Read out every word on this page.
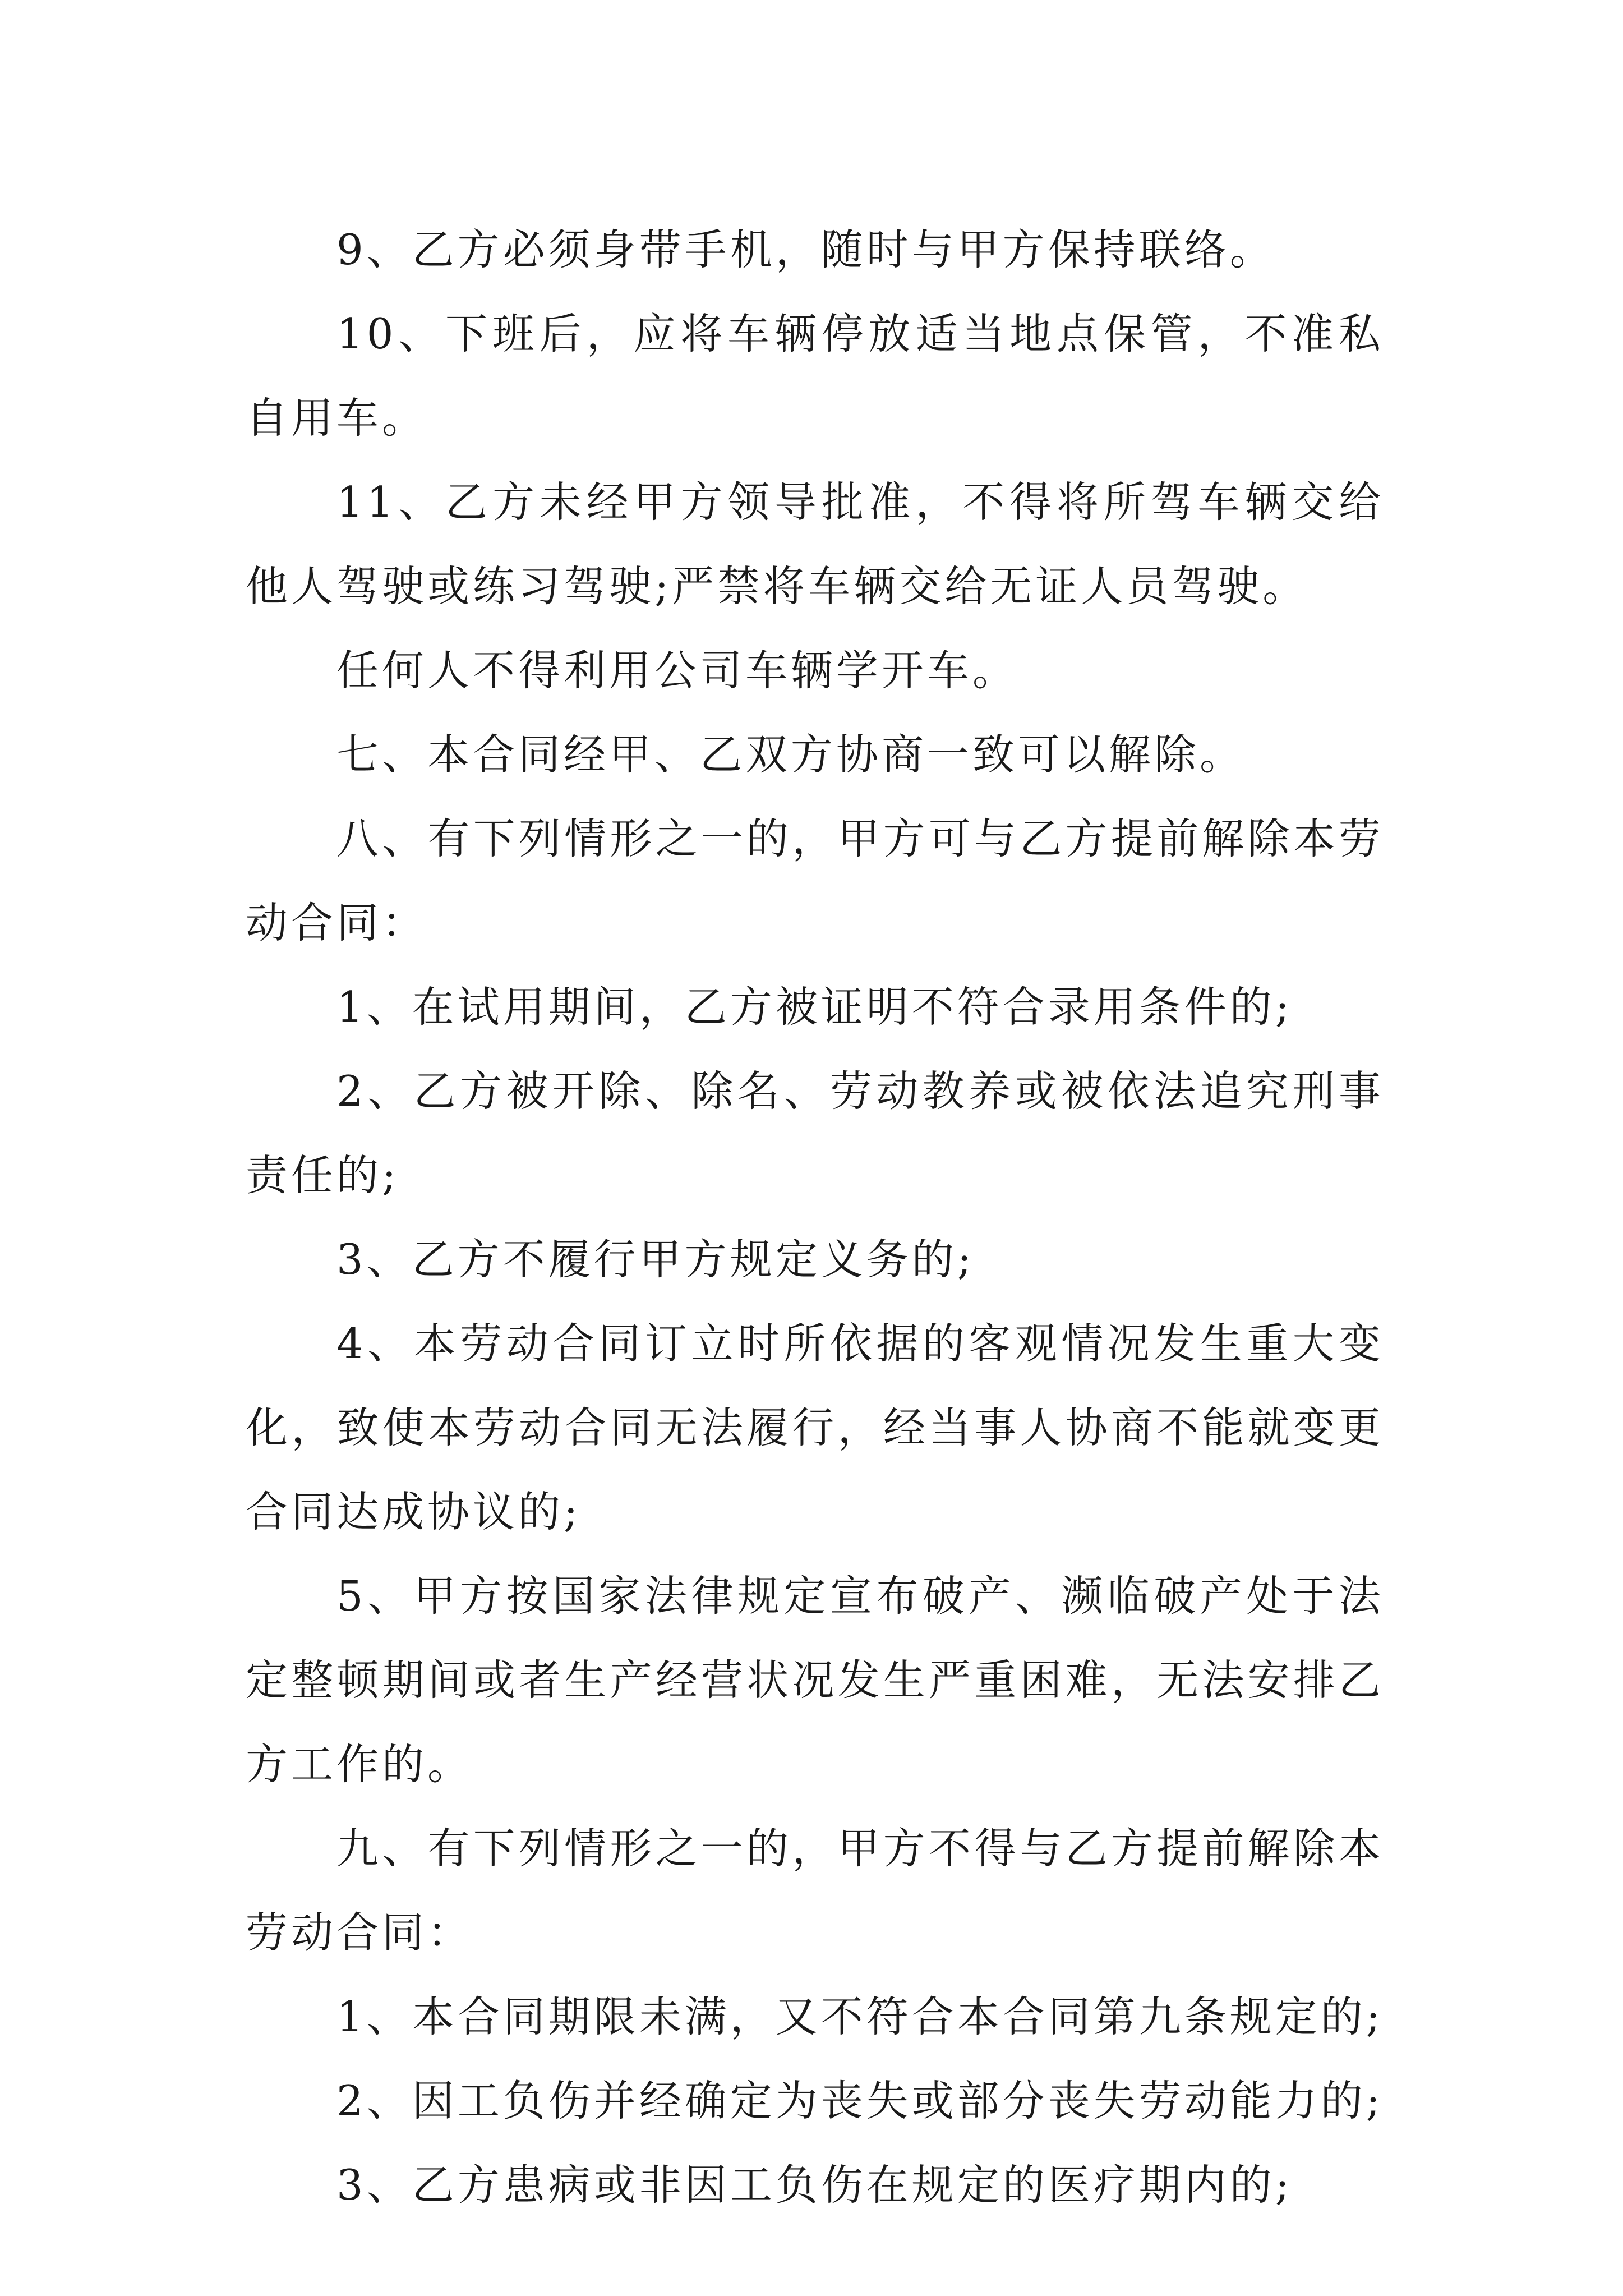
9、乙方必须身带手机，随时与甲方保持联络。

10、下班后，应将车辆停放适当地点保管，不准私自用车。

11、乙方未经甲方领导批准，不得将所驾车辆交给他人驾驶或练习驾驶;严禁将车辆交给无证人员驾驶。

任何人不得利用公司车辆学开车。

七、本合同经甲、乙双方协商一致可以解除。

八、有下列情形之一的，甲方可与乙方提前解除本劳动合同：

1、在试用期间，乙方被证明不符合录用条件的;

2、乙方被开除、除名、劳动教养或被依法追究刑事责任的;

3、乙方不履行甲方规定义务的;

4、本劳动合同订立时所依据的客观情况发生重大变化，致使本劳动合同无法履行，经当事人协商不能就变更合同达成协议的;

5、甲方按国家法律规定宣布破产、濒临破产处于法定整顿期间或者生产经营状况发生严重困难，无法安排乙方工作的。

九、有下列情形之一的，甲方不得与乙方提前解除本劳动合同：

1、本合同期限未满，又不符合本合同第九条规定的;

2、因工负伤并经确定为丧失或部分丧失劳动能力的;

3、乙方患病或非因工负伤在规定的医疗期内的;
